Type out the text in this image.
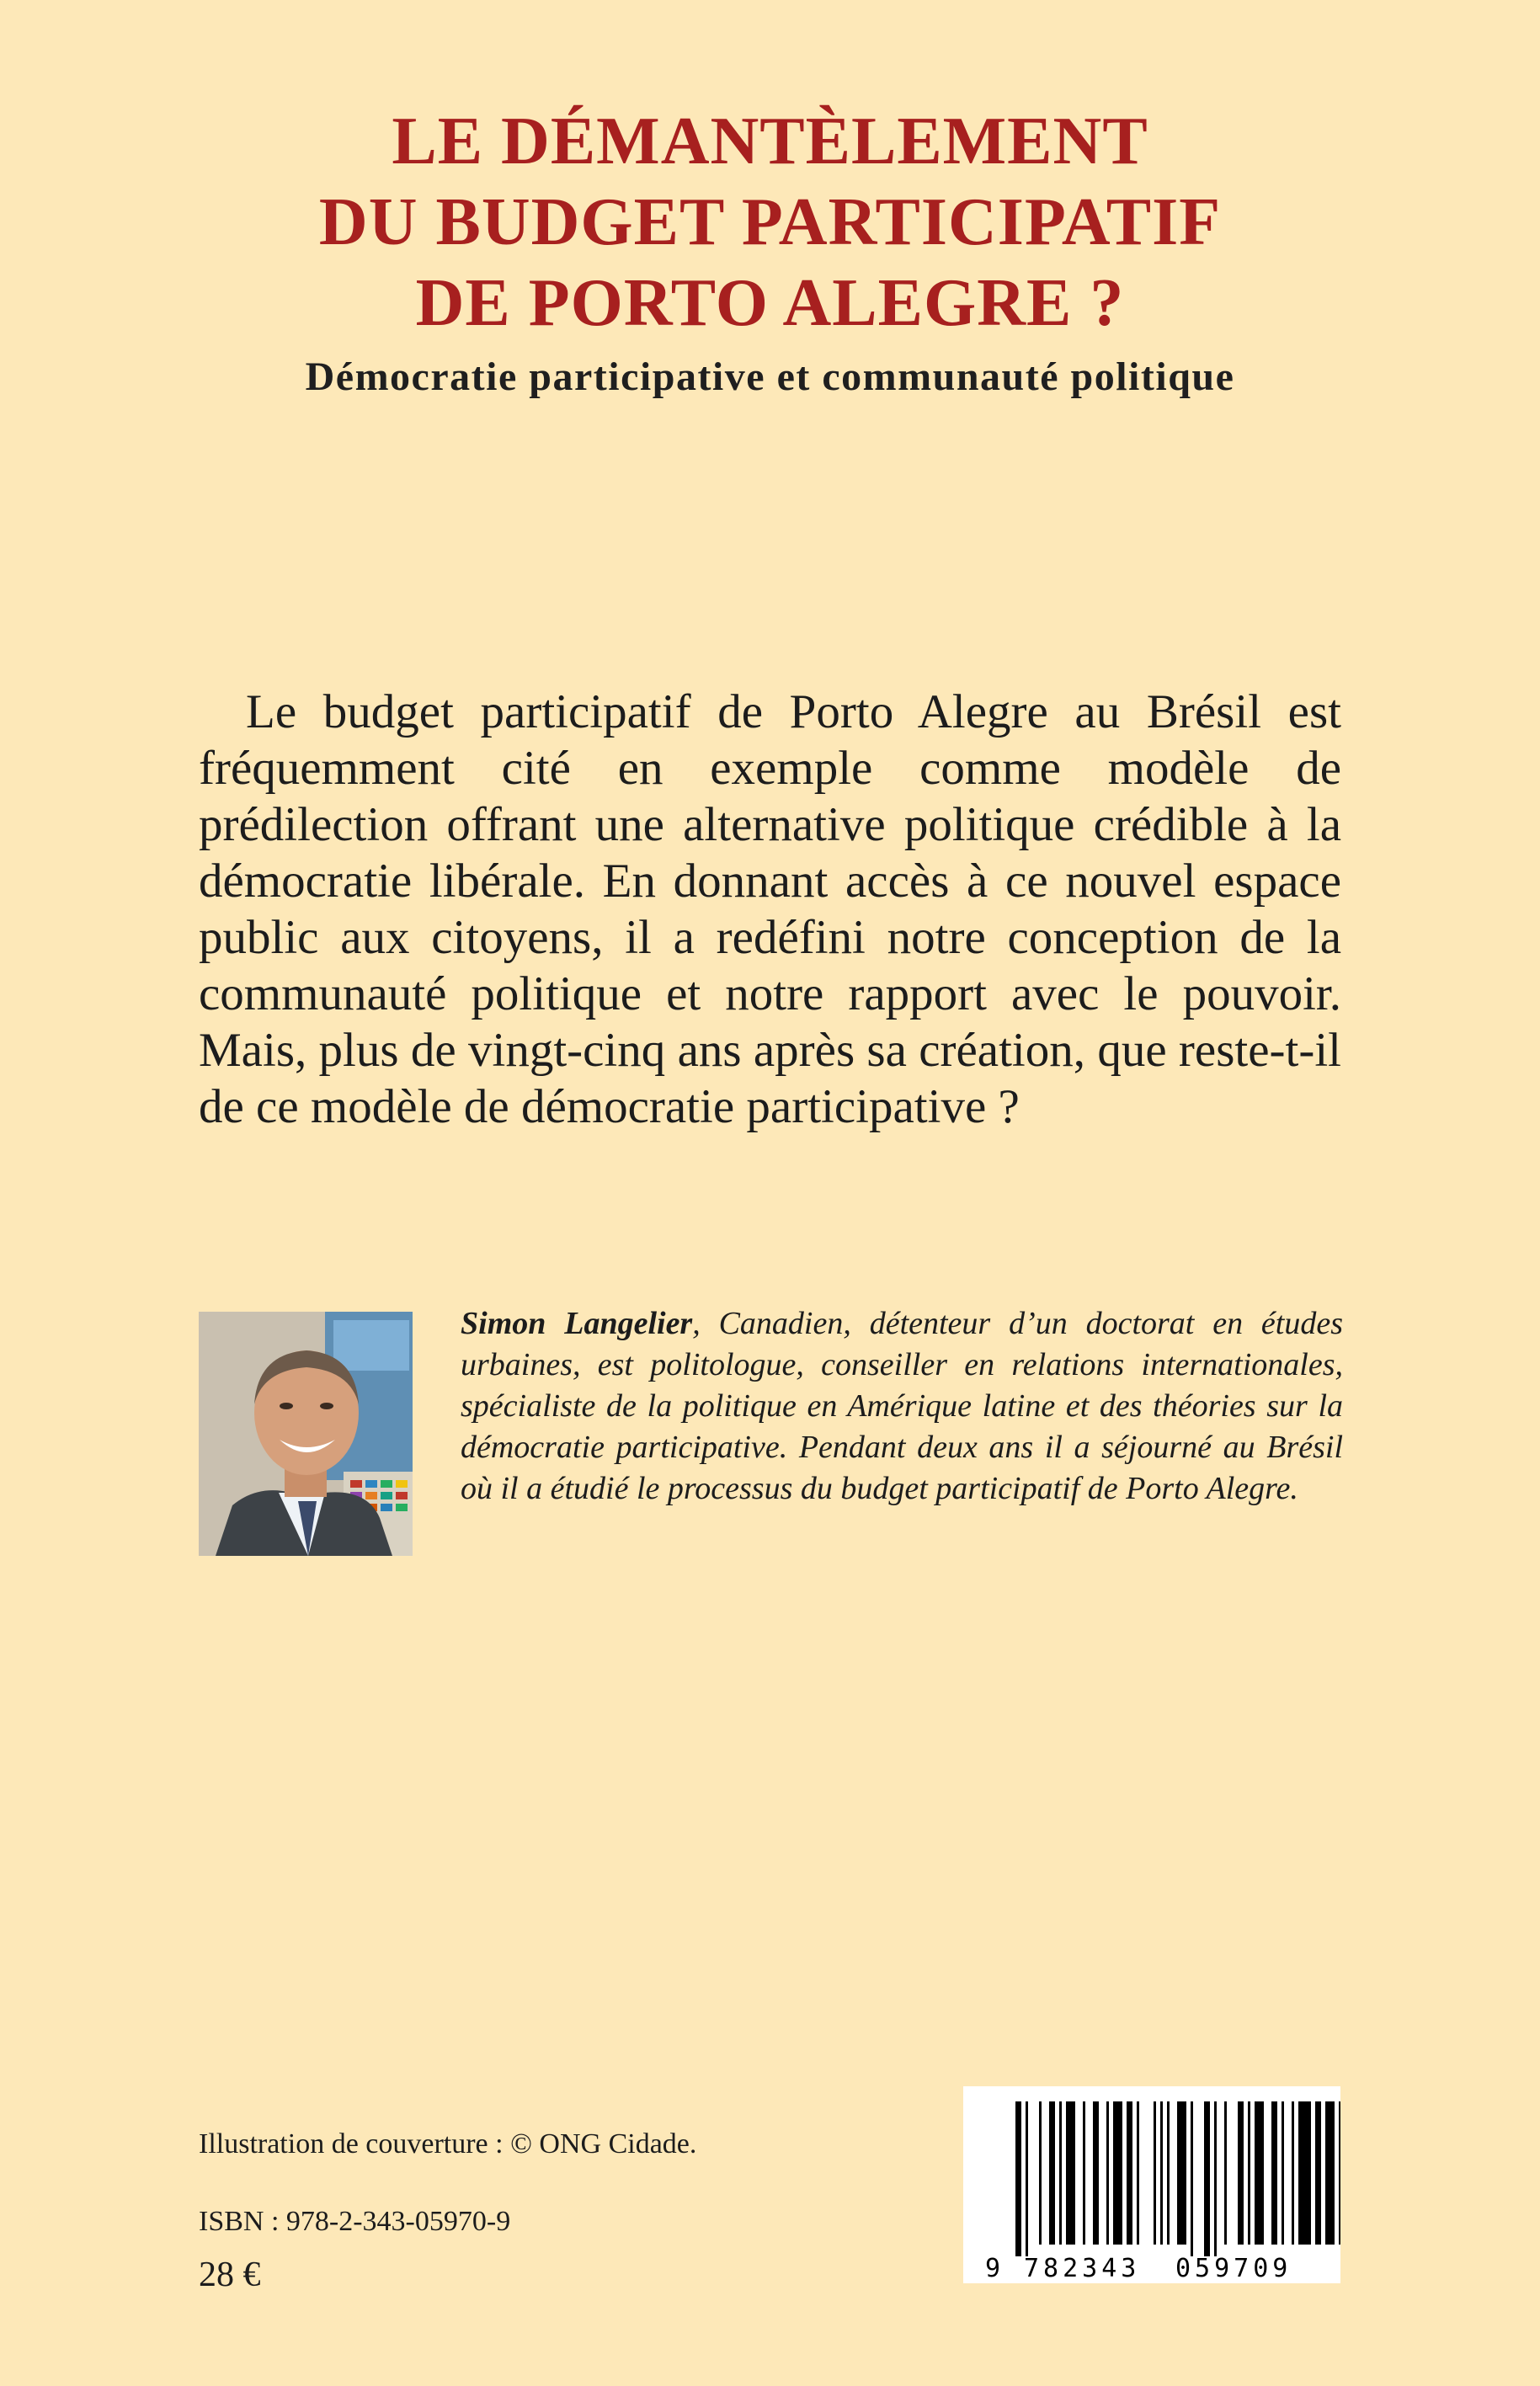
LE DÉMANTÈLEMENT
DU BUDGET PARTICIPATIF
DE PORTO ALEGRE ?
Démocratie participative et communauté politique

Le budget participatif de Porto Alegre au Brésil est fréquemment cité en exemple comme modèle de prédilection offrant une alternative politique crédible à la démocratie libérale. En donnant accès à ce nouvel espace public aux citoyens, il a redéfini notre conception de la communauté politique et notre rapport avec le pouvoir. Mais, plus de vingt-cinq ans après sa création, que reste-t-il de ce modèle de démocratie participative ?

Simon Langelier, Canadien, détenteur d’un doctorat en études urbaines, est politologue, conseiller en relations internationales, spécialiste de la politique en Amérique latine et des théories sur la démocratie participative. Pendant deux ans il a séjourné au Brésil où il a étudié le processus du budget participatif de Porto Alegre.

Illustration de couverture : © ONG Cidade.
ISBN : 978-2-343-05970-9
28 €	9 782343 059709
